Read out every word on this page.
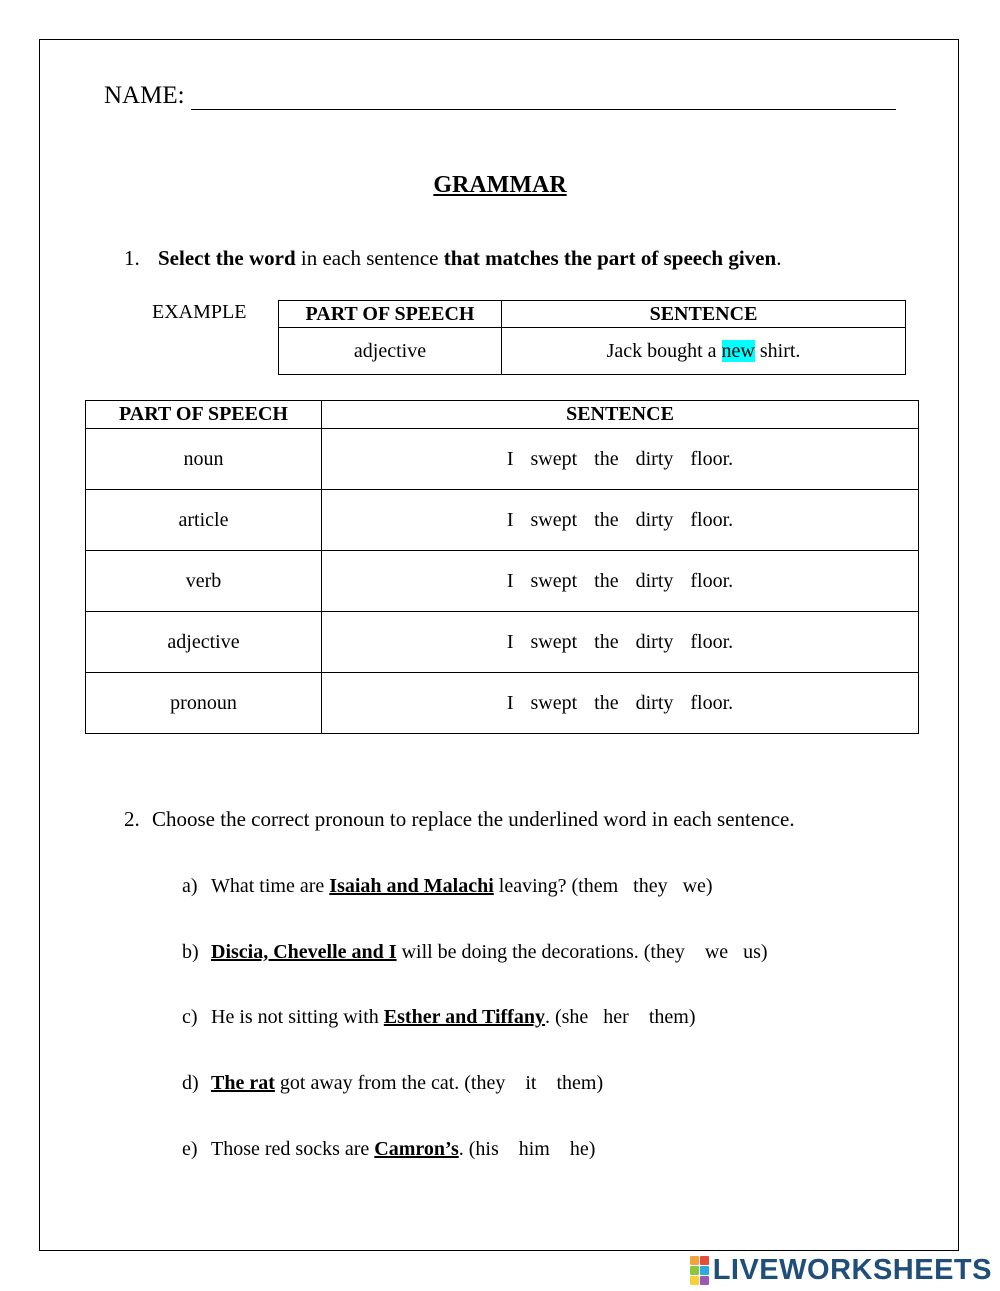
NAME:
GRAMMAR
1. Select the word in each sentence that matches the part of speech given.
EXAMPLE	PART OF SPEECH	SENTENCE
adjective	Jack bought a new shirt.
PART OF SPEECH	SENTENCE
noun	I swept the dirty floor.
article	I swept the dirty floor.
verb	I swept the dirty floor.
adjective	I swept the dirty floor.
pronoun	I swept the dirty floor.
2. Choose the correct pronoun to replace the underlined word in each sentence.
a) What time are Isaiah and Malachi leaving? (them   they   we)
b) Discia, Chevelle and I will be doing the decorations. (they    we   us)
c) He is not sitting with Esther and Tiffany. (she   her    them)
d) The rat got away from the cat. (they    it    them)
e) Those red socks are Camron’s. (his    him    he)
LIVEWORKSHEETS
